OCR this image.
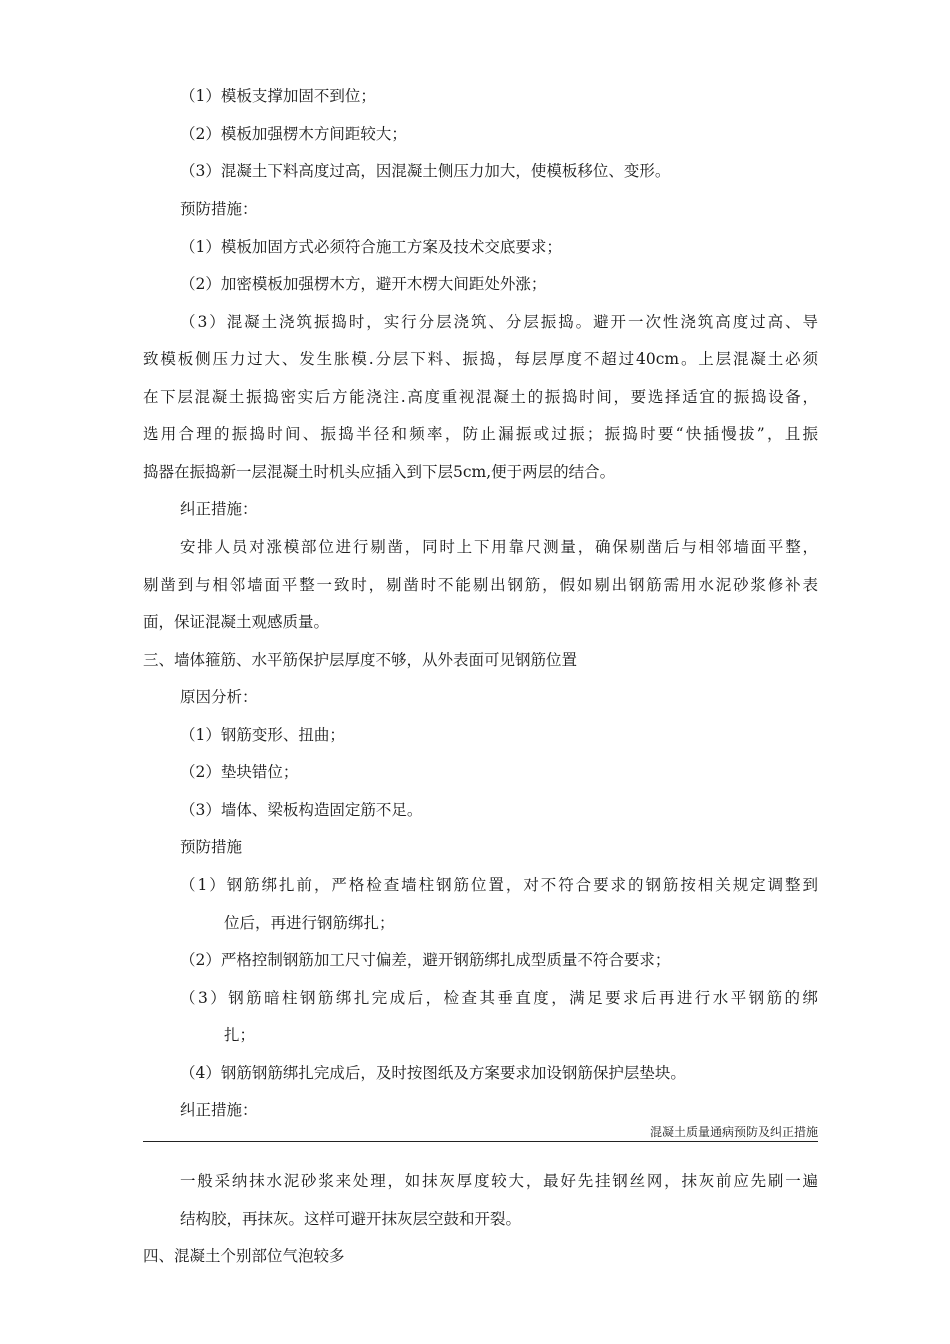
（1）模板支撑加固不到位；
（2）模板加强楞木方间距较大；
（3）混凝土下料高度过高，因混凝土侧压力加大，使模板移位、变形。
预防措施：
（1）模板加固方式必须符合施工方案及技术交底要求；
（2）加密模板加强楞木方，避开木楞大间距处外涨；
（3）混凝土浇筑振捣时，实行分层浇筑、分层振捣。避开一次性浇筑高度过高、导
致模板侧压力过大、发生胀模.分层下料、振捣，每层厚度不超过40cm。上层混凝土必须
在下层混凝土振捣密实后方能浇注.高度重视混凝土的振捣时间，要选择适宜的振捣设备，
选用合理的振捣时间、振捣半径和频率，防止漏振或过振；振捣时要“快插慢拔”，且振
捣器在振捣新一层混凝土时机头应插入到下层5cm,便于两层的结合。
纠正措施：
安排人员对涨模部位进行剔凿，同时上下用靠尺测量，确保剔凿后与相邻墙面平整，
剔凿到与相邻墙面平整一致时，剔凿时不能剔出钢筋，假如剔出钢筋需用水泥砂浆修补表
面，保证混凝土观感质量。
三、墙体箍筋、水平筋保护层厚度不够，从外表面可见钢筋位置
原因分析：
（1）钢筋变形、扭曲；
（2）垫块错位；
（3）墙体、梁板构造固定筋不足。
预防措施
（1）钢筋绑扎前，严格检查墙柱钢筋位置，对不符合要求的钢筋按相关规定调整到
位后，再进行钢筋绑扎；
（2）严格控制钢筋加工尺寸偏差，避开钢筋绑扎成型质量不符合要求；
（3）钢筋暗柱钢筋绑扎完成后，检查其垂直度，满足要求后再进行水平钢筋的绑
扎；
（4）钢筋钢筋绑扎完成后，及时按图纸及方案要求加设钢筋保护层垫块。
纠正措施：
混凝土质量通病预防及纠正措施
一般采纳抹水泥砂浆来处理，如抹灰厚度较大，最好先挂钢丝网，抹灰前应先刷一遍
结构胶，再抹灰。这样可避开抹灰层空鼓和开裂。
四、混凝土个别部位气泡较多
